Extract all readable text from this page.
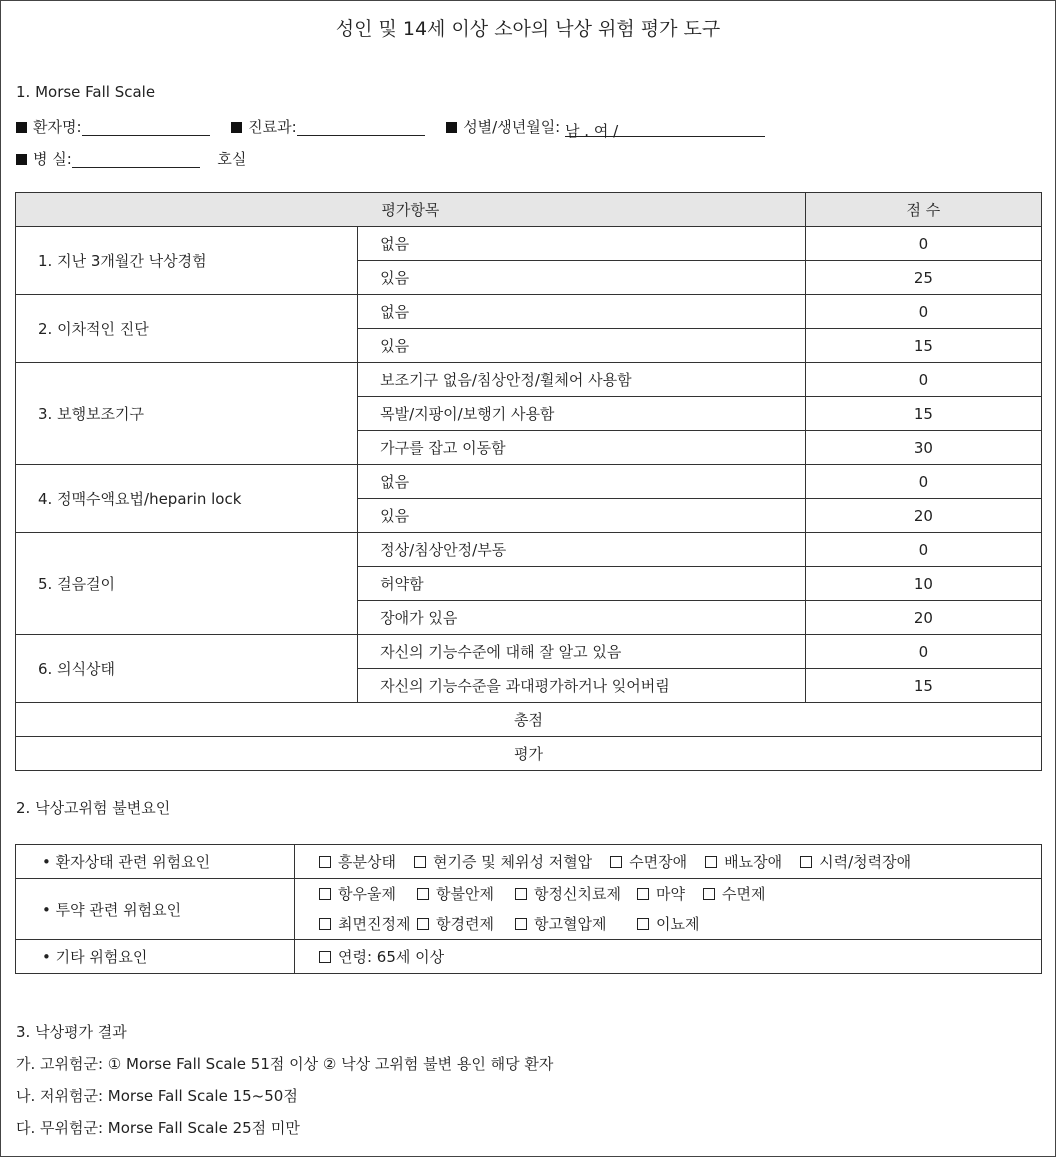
성인 및 14세 이상 소아의 낙상 위험 평가 도구
1. Morse Fall Scale
환자명:	진료과:	성별/생년월일: 남 . 여 /
병 실:	호실
평가항목		점 수
1. 지난 3개월간 낙상경험	없음	0
	있음	25
2. 이차적인 진단	없음	0
	있음	15
3. 보행보조기구	보조기구 없음/침상안정/휠체어 사용함	0
	목발/지팡이/보행기 사용함	15
	가구를 잡고 이동함	30
4. 정맥수액요법/heparin lock	없음	0
	있음	20
5. 걸음걸이	정상/침상안정/부동	0
	허약함	10
	장애가 있음	20
6. 의식상태	자신의 기능수준에 대해 잘 알고 있음	0
	자신의 기능수준을 과대평가하거나 잊어버림	15
총점		
평가		
2. 낙상고위험 불변요인
• 환자상태 관련 위험요인	흥분상태 현기증 및 체위성 저혈압 수면장애 배뇨장애 시력/청력장애
• 투약 관련 위험요인	항우울제 항불안제 항정신치료제 마약 수면제
최면진정제 항경련제 항고혈압제 이뇨제

• 기타 위험요인	연령: 65세 이상
3. 낙상평가 결과
가. 고위험군: ① Morse Fall Scale 51점 이상 ② 낙상 고위험 불변 용인 해당 환자
나. 저위험군: Morse Fall Scale 15~50점
다. 무위험군: Morse Fall Scale 25점 미만
